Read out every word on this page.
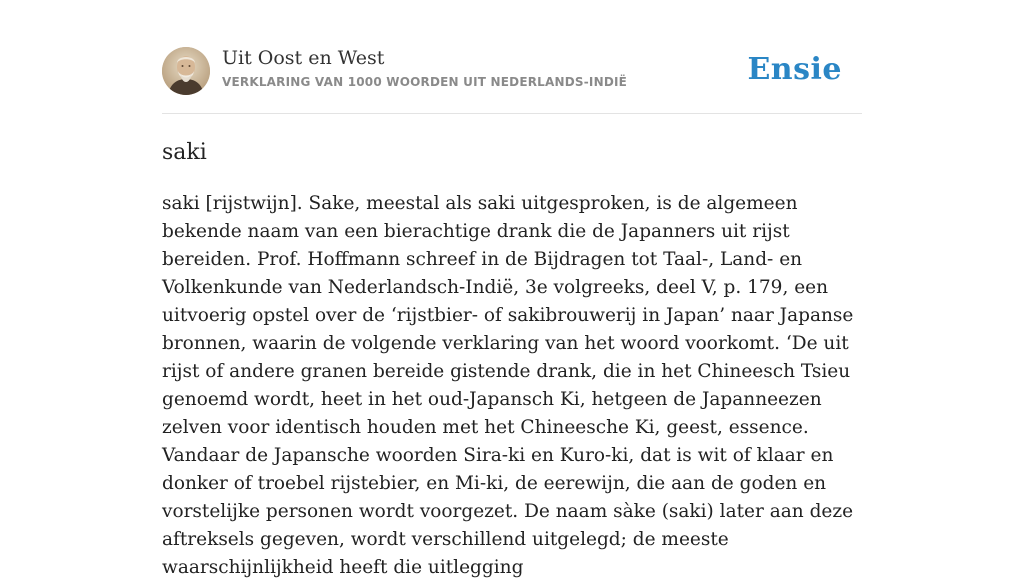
Uit Oost en West
VERKLARING VAN 1000 WOORDEN UIT NEDERLANDS-INDIË	Ensie
saki

saki [rijstwijn]. Sake, meestal als saki uitgesproken, is de algemeen bekende naam van een bierachtige drank die de Japanners uit rijst bereiden. Prof. Hoffmann schreef in de Bijdragen tot Taal-, Land- en Volkenkunde van Nederlandsch-Indië, 3e volgreeks, deel V, p. 179, een uitvoerig opstel over de ‘rijstbier- of sakibrouwerij in Japan’ naar Japanse bronnen, waarin de volgende verklaring van het woord voorkomt. ‘De uit rijst of andere granen bereide gistende drank, die in het Chineesch Tsieu genoemd wordt, heet in het oud-Japansch Ki, hetgeen de Japanneezen zelven voor identisch houden met het Chineesche Ki, geest, essence. Vandaar de Japansche woorden Sira-ki en Kuro-ki, dat is wit of klaar en donker of troebel rijstebier, en Mi-ki, de eerewijn, die aan de goden en vorstelijke personen wordt voorgezet. De naam sàke (saki) later aan deze aftreksels gegeven, wordt verschillend uitgelegd; de meeste waarschijnlijkheid heeft die uitlegging
